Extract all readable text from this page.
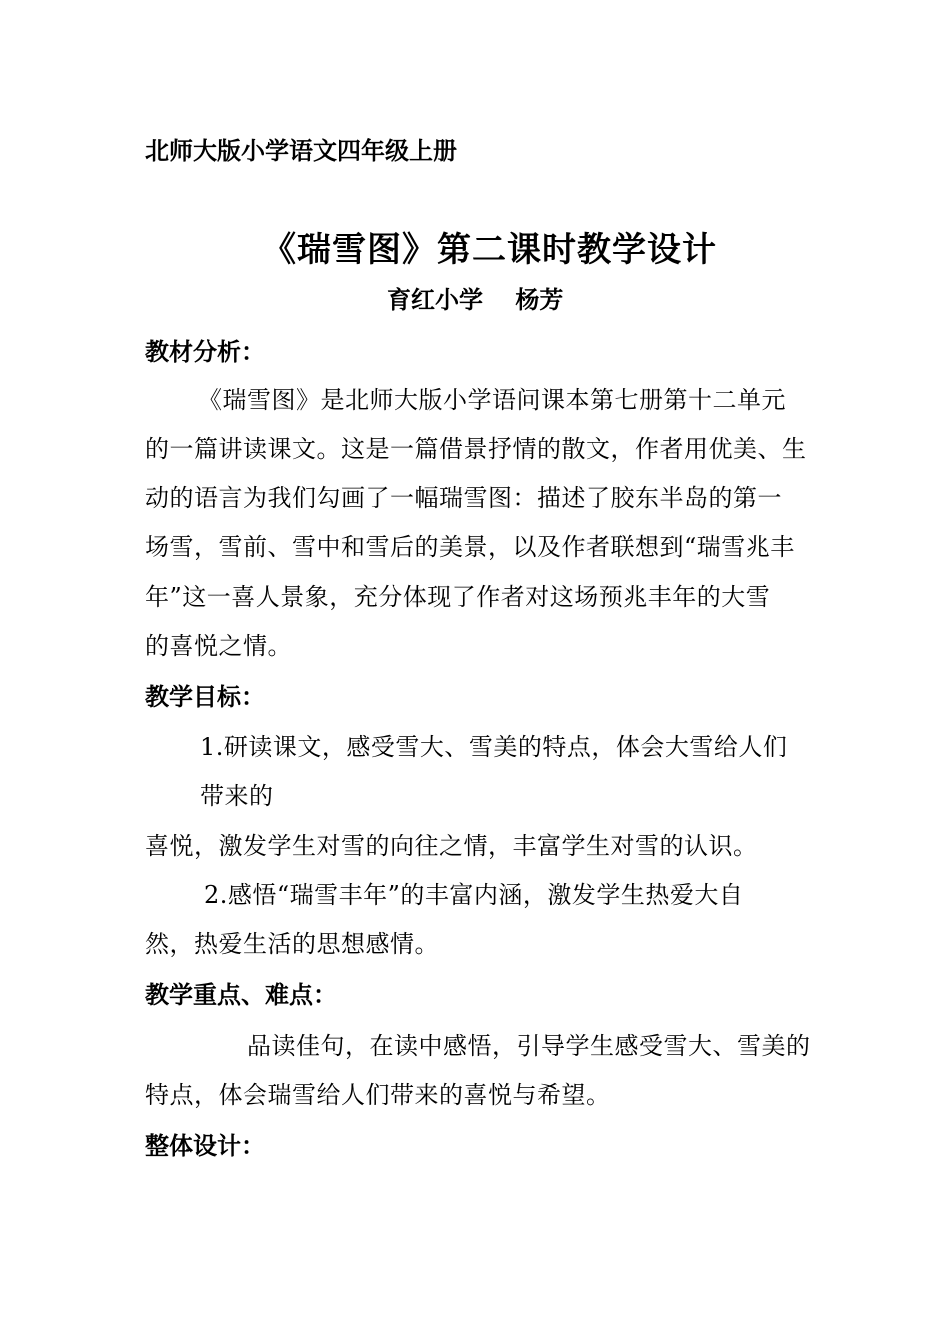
北师大版小学语文四年级上册
《瑞雪图》第二课时教学设计
育红小学　 杨芳
教材分析：
《瑞雪图》是北师大版小学语问课本第七册第十二单元
的一篇讲读课文。这是一篇借景抒情的散文，作者用优美、生
动的语言为我们勾画了一幅瑞雪图：描述了胶东半岛的第一
场雪，雪前、雪中和雪后的美景，以及作者联想到“瑞雪兆丰
年”这一喜人景象，充分体现了作者对这场预兆丰年的大雪
的喜悦之情。
教学目标：
1.研读课文，感受雪大、雪美的特点，体会大雪给人们
带来的
喜悦，激发学生对雪的向往之情，丰富学生对雪的认识。
2.感悟“瑞雪丰年”的丰富内涵，激发学生热爱大自
然，热爱生活的思想感情。
教学重点、难点：
品读佳句，在读中感悟，引导学生感受雪大、雪美的
特点，体会瑞雪给人们带来的喜悦与希望。
整体设计：
